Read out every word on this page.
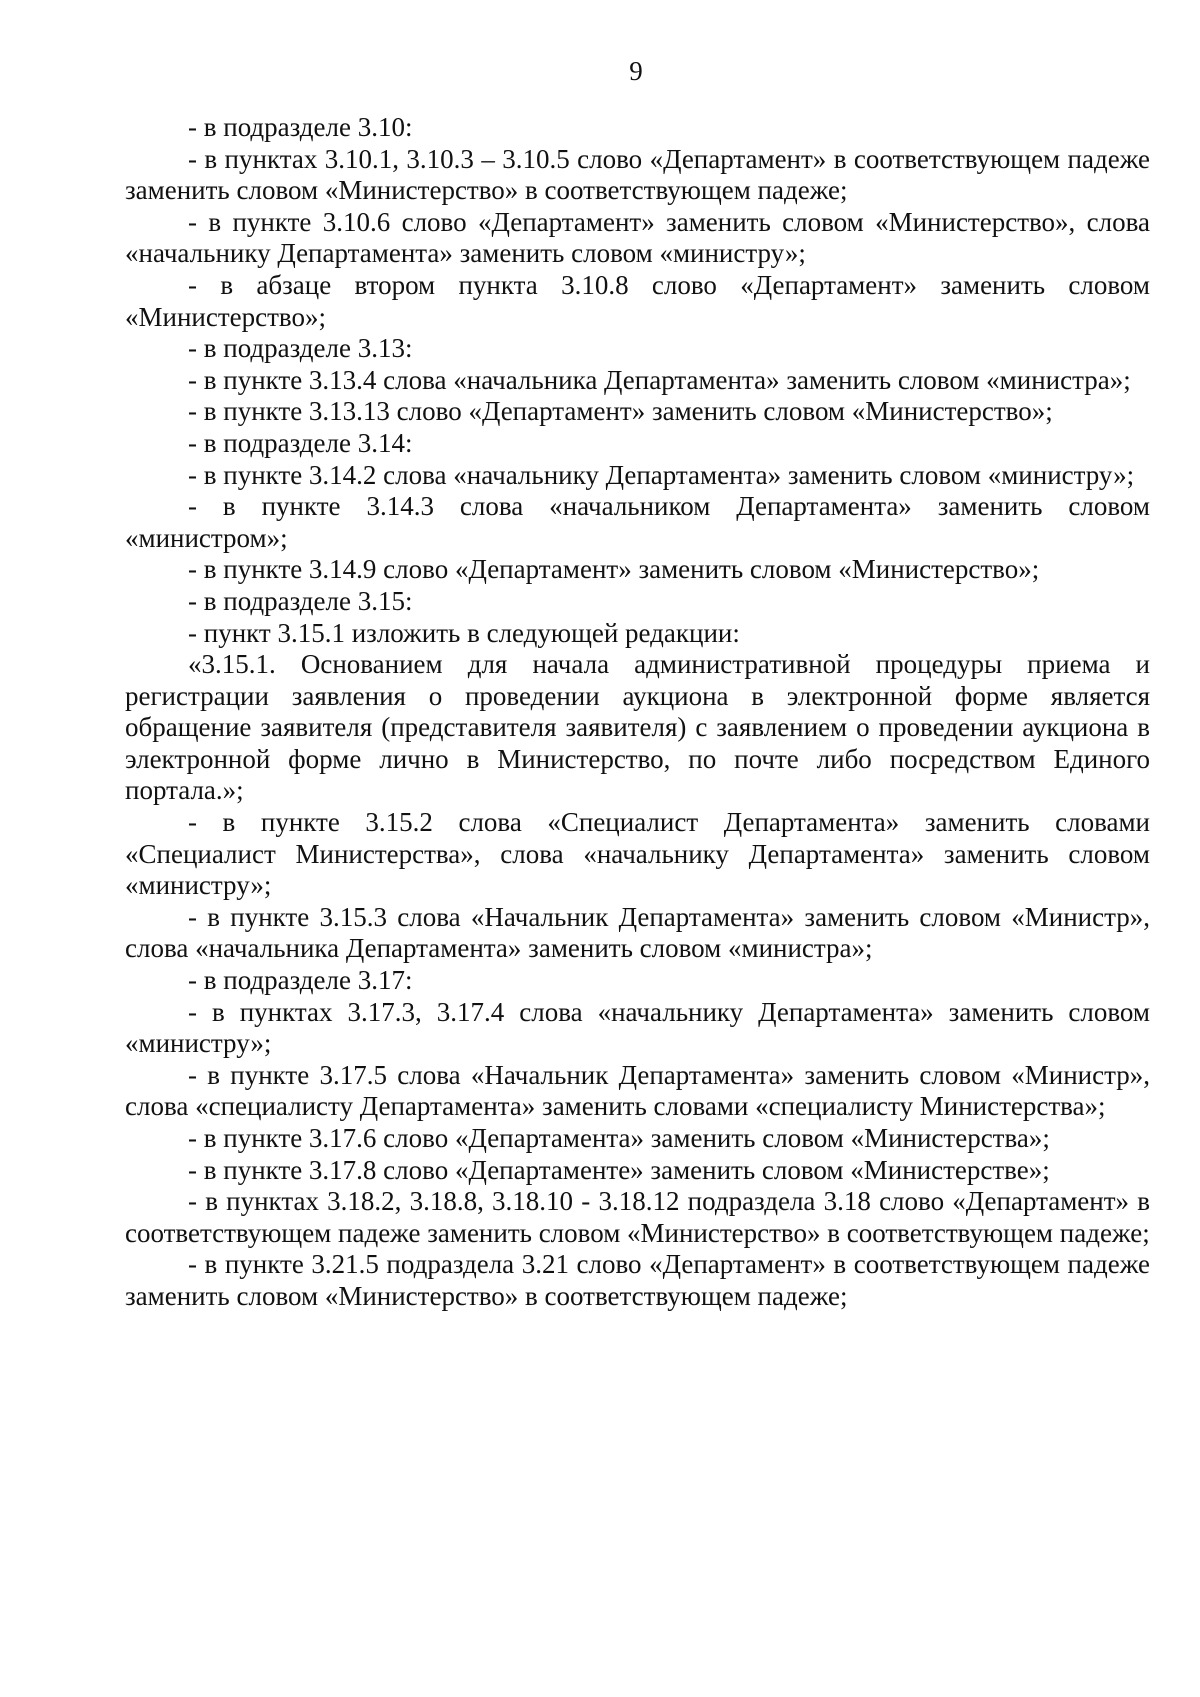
9

- в подразделе 3.10:

- в пунктах 3.10.1, 3.10.3 – 3.10.5 слово «Департамент» в соответствующем падеже заменить словом «Министерство» в соответствующем падеже;

- в пункте 3.10.6 слово «Департамент» заменить словом «Министерство», слова «начальнику Департамента» заменить словом «министру»;

- в абзаце втором пункта 3.10.8 слово «Департамент» заменить словом «Министерство»;

- в подразделе 3.13:

- в пункте 3.13.4 слова «начальника Департамента» заменить словом «министра»;

- в пункте 3.13.13 слово «Департамент» заменить словом «Министерство»;

- в подразделе 3.14:

- в пункте 3.14.2 слова «начальнику Департамента» заменить словом «министру»;

- в пункте 3.14.3 слова «начальником Департамента» заменить словом «министром»;

- в пункте 3.14.9 слово «Департамент» заменить словом «Министерство»;

- в подразделе 3.15:

- пункт 3.15.1 изложить в следующей редакции:

«3.15.1. Основанием для начала административной процедуры приема и регистрации заявления о проведении аукциона в электронной форме является обращение заявителя (представителя заявителя) с заявлением о проведении аукциона в электронной форме лично в Министерство, по почте либо посредством Единого портала.»;

- в пункте 3.15.2 слова «Специалист Департамента» заменить словами «Специалист Министерства», слова «начальнику Департамента» заменить словом «министру»;

- в пункте 3.15.3 слова «Начальник Департамента» заменить словом «Министр», слова «начальника Департамента» заменить словом «министра»;

- в подразделе 3.17:

- в пунктах 3.17.3, 3.17.4 слова «начальнику Департамента» заменить словом «министру»;

- в пункте 3.17.5 слова «Начальник Департамента» заменить словом «Министр», слова «специалисту Департамента» заменить словами «специалисту Министерства»;

- в пункте 3.17.6 слово «Департамента» заменить словом «Министерства»;

- в пункте 3.17.8 слово «Департаменте» заменить словом «Министерстве»;

- в пунктах 3.18.2, 3.18.8, 3.18.10 - 3.18.12 подраздела 3.18 слово «Департамент» в соответствующем падеже заменить словом «Министерство» в соответствующем падеже;

- в пункте 3.21.5 подраздела 3.21 слово «Департамент» в соответствующем падеже заменить словом «Министерство» в соответствующем падеже;
